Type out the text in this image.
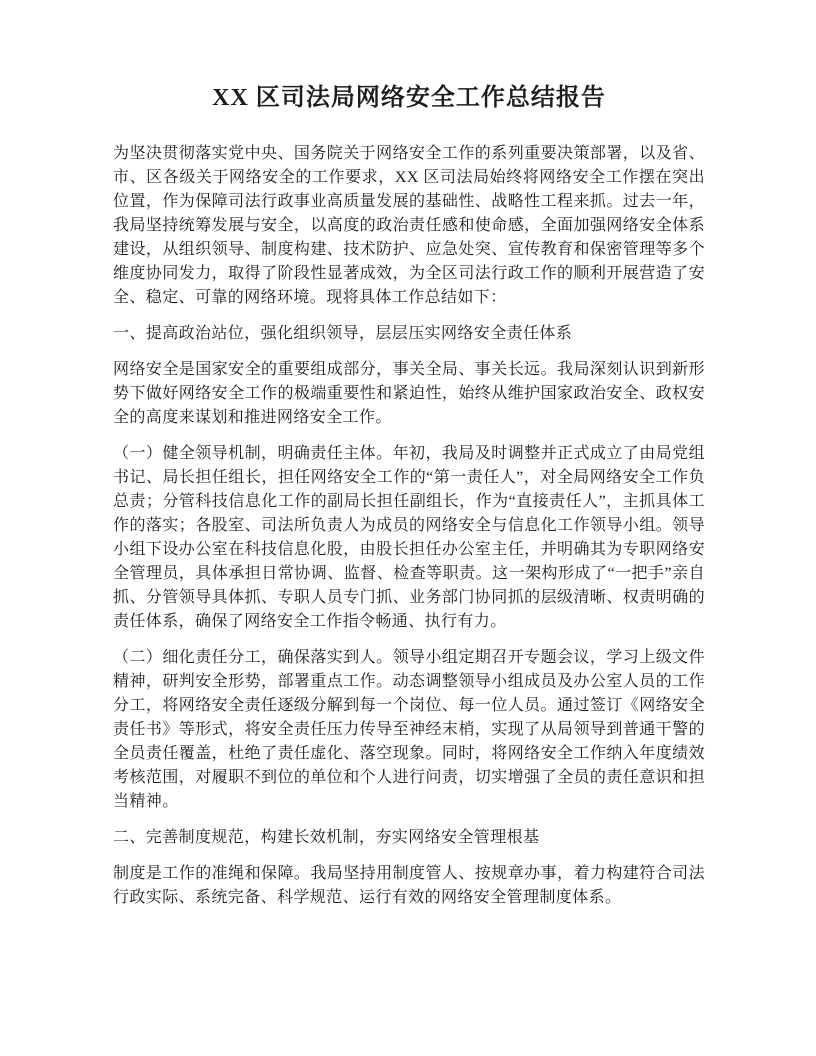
XX 区司法局网络安全工作总结报告

为坚决贯彻落实党中央、国务院关于网络安全工作的系列重要决策部署，以及省、市、区各级关于网络安全的工作要求，XX 区司法局始终将网络安全工作摆在突出位置，作为保障司法行政事业高质量发展的基础性、战略性工程来抓。过去一年，我局坚持统筹发展与安全，以高度的政治责任感和使命感，全面加强网络安全体系建设，从组织领导、制度构建、技术防护、应急处突、宣传教育和保密管理等多个维度协同发力，取得了阶段性显著成效，为全区司法行政工作的顺利开展营造了安全、稳定、可靠的网络环境。现将具体工作总结如下：

一、提高政治站位，强化组织领导，层层压实网络安全责任体系

网络安全是国家安全的重要组成部分，事关全局、事关长远。我局深刻认识到新形势下做好网络安全工作的极端重要性和紧迫性，始终从维护国家政治安全、政权安全的高度来谋划和推进网络安全工作。

（一）健全领导机制，明确责任主体。年初，我局及时调整并正式成立了由局党组书记、局长担任组长，担任网络安全工作的“第一责任人”，对全局网络安全工作负总责；分管科技信息化工作的副局长担任副组长，作为“直接责任人”，主抓具体工作的落实；各股室、司法所负责人为成员的网络安全与信息化工作领导小组。领导小组下设办公室在科技信息化股，由股长担任办公室主任，并明确其为专职网络安全管理员，具体承担日常协调、监督、检查等职责。这一架构形成了“一把手”亲自抓、分管领导具体抓、专职人员专门抓、业务部门协同抓的层级清晰、权责明确的责任体系，确保了网络安全工作指令畅通、执行有力。

（二）细化责任分工，确保落实到人。领导小组定期召开专题会议，学习上级文件精神，研判安全形势，部署重点工作。动态调整领导小组成员及办公室人员的工作分工，将网络安全责任逐级分解到每一个岗位、每一位人员。通过签订《网络安全责任书》等形式，将安全责任压力传导至神经末梢，实现了从局领导到普通干警的全员责任覆盖，杜绝了责任虚化、落空现象。同时，将网络安全工作纳入年度绩效考核范围，对履职不到位的单位和个人进行问责，切实增强了全员的责任意识和担当精神。

二、完善制度规范，构建长效机制，夯实网络安全管理根基

制度是工作的准绳和保障。我局坚持用制度管人、按规章办事，着力构建符合司法行政实际、系统完备、科学规范、运行有效的网络安全管理制度体系。
